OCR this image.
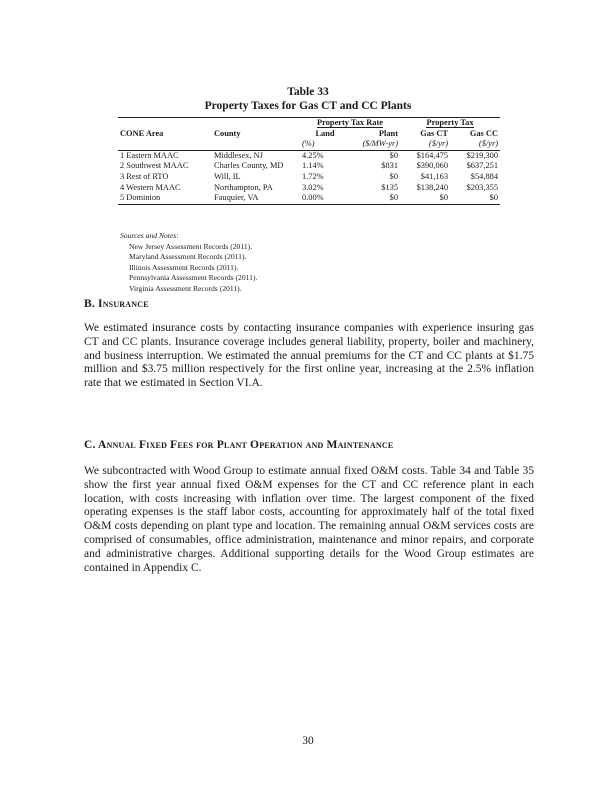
Table 33
Property Taxes for Gas CT and CC Plants
		Property Tax Rate		Property Tax	
CONE Area	County	Land	Plant	Gas CT	Gas CC
		(%)	($/MW-yr)	($/yr)	($/yr)
1 Eastern MAAC	Middlesex, NJ	4.25%	$0	$164,475	$219,300
2 Southwest MAAC	Charles County, MD	1.14%	$831	$390,060	$637,251
3 Rest of RTO	Will, IL	1.72%	$0	$41,163	$54,884
4 Western MAAC	Northampton, PA	3.02%	$135	$138,240	$203,355
5 Dominion	Fauquier, VA	0.00%	$0	$0	$0
Sources and Notes:
New Jersey Assessment Records (2011).
Maryland Assessment Records (2011).
Illinois Assessment Records (2011).
Pennsylvania Assessment Records (2011).
Virginia Assessment Records (2011).
B. Insurance
We estimated insurance costs by contacting insurance companies with experience insuring gas CT and CC plants. Insurance coverage includes general liability, property, boiler and machinery, and business interruption. We estimated the annual premiums for the CT and CC plants at $1.75 million and $3.75 million respectively for the first online year, increasing at the 2.5% inflation rate that we estimated in Section VI.A.
C. Annual Fixed Fees for Plant Operation and Maintenance
We subcontracted with Wood Group to estimate annual fixed O&M costs. Table 34 and Table 35 show the first year annual fixed O&M expenses for the CT and CC reference plant in each location, with costs increasing with inflation over time. The largest component of the fixed operating expenses is the staff labor costs, accounting for approximately half of the total fixed O&M costs depending on plant type and location. The remaining annual O&M services costs are comprised of consumables, office administration, maintenance and minor repairs, and corporate and administrative charges. Additional supporting details for the Wood Group estimates are contained in Appendix C.
30
